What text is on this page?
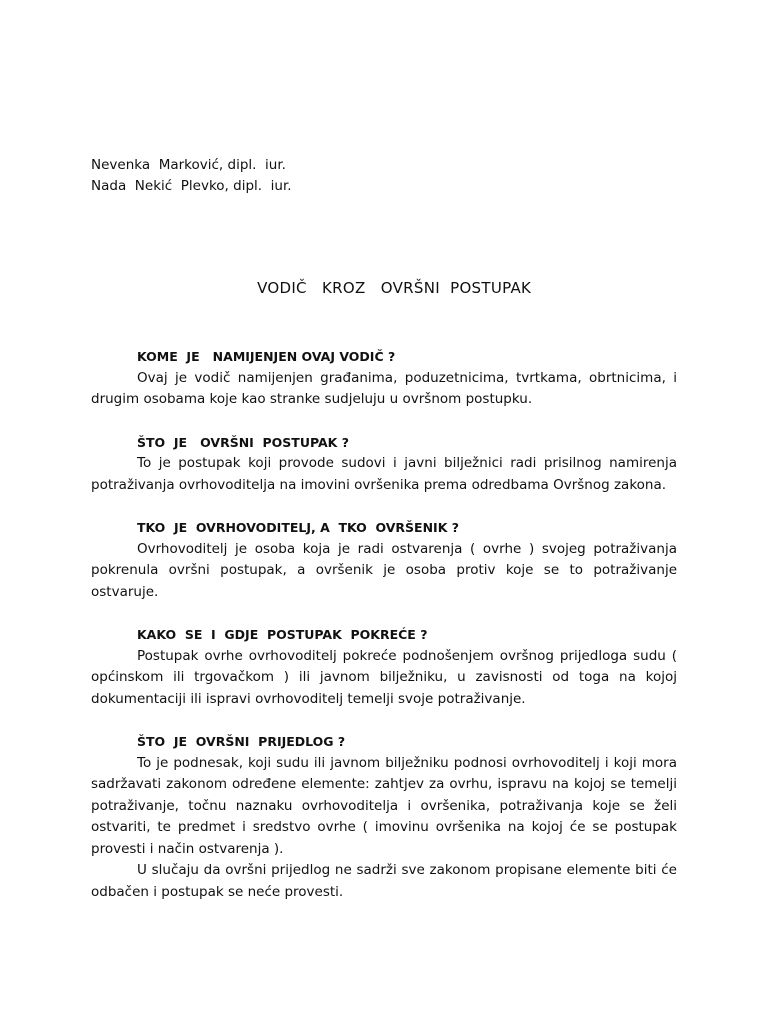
Nevenka  Marković, dipl.  iur.
Nada  Nekić  Plevko, dipl.  iur.

VODIČ   KROZ   OVRŠNI  POSTUPAK

KOME  JE   NAMIJENJEN OVAJ VODIČ ?

Ovaj je vodič namijenjen građanima, poduzetnicima, tvrtkama, obrtnicima, i drugim osobama koje kao stranke sudjeluju u ovršnom postupku.

ŠTO  JE   OVRŠNI  POSTUPAK ?

To je postupak koji provode sudovi i javni bilježnici radi prisilnog namirenja potraživanja ovrhovoditelja na imovini ovršenika prema odredbama Ovršnog zakona.

TKO  JE  OVRHOVODITELJ, A  TKO  OVRŠENIK ?

Ovrhovoditelj je osoba koja je radi ostvarenja ( ovrhe ) svojeg potraživanja pokrenula ovršni postupak, a ovršenik je osoba protiv koje se to potraživanje ostvaruje.

KAKO  SE  I  GDJE  POSTUPAK  POKREĆE ?

Postupak ovrhe ovrhovoditelj pokreće podnošenjem ovršnog prijedloga sudu ( općinskom ili trgovačkom ) ili javnom bilježniku, u zavisnosti od toga na kojoj dokumentaciji ili ispravi ovrhovoditelj temelji svoje potraživanje.

ŠTO  JE  OVRŠNI  PRIJEDLOG ?

To je podnesak, koji sudu ili javnom bilježniku podnosi ovrhovoditelj i koji mora sadržavati zakonom određene elemente: zahtjev za ovrhu, ispravu na kojoj se temelji potraživanje, točnu naznaku ovrhovoditelja i ovršenika, potraživanja koje se želi ostvariti, te predmet i sredstvo ovrhe ( imovinu ovršenika na kojoj će se postupak provesti i način ostvarenja ).

U slučaju da ovršni prijedlog ne sadrži sve zakonom propisane elemente biti će odbačen i postupak se neće provesti.
